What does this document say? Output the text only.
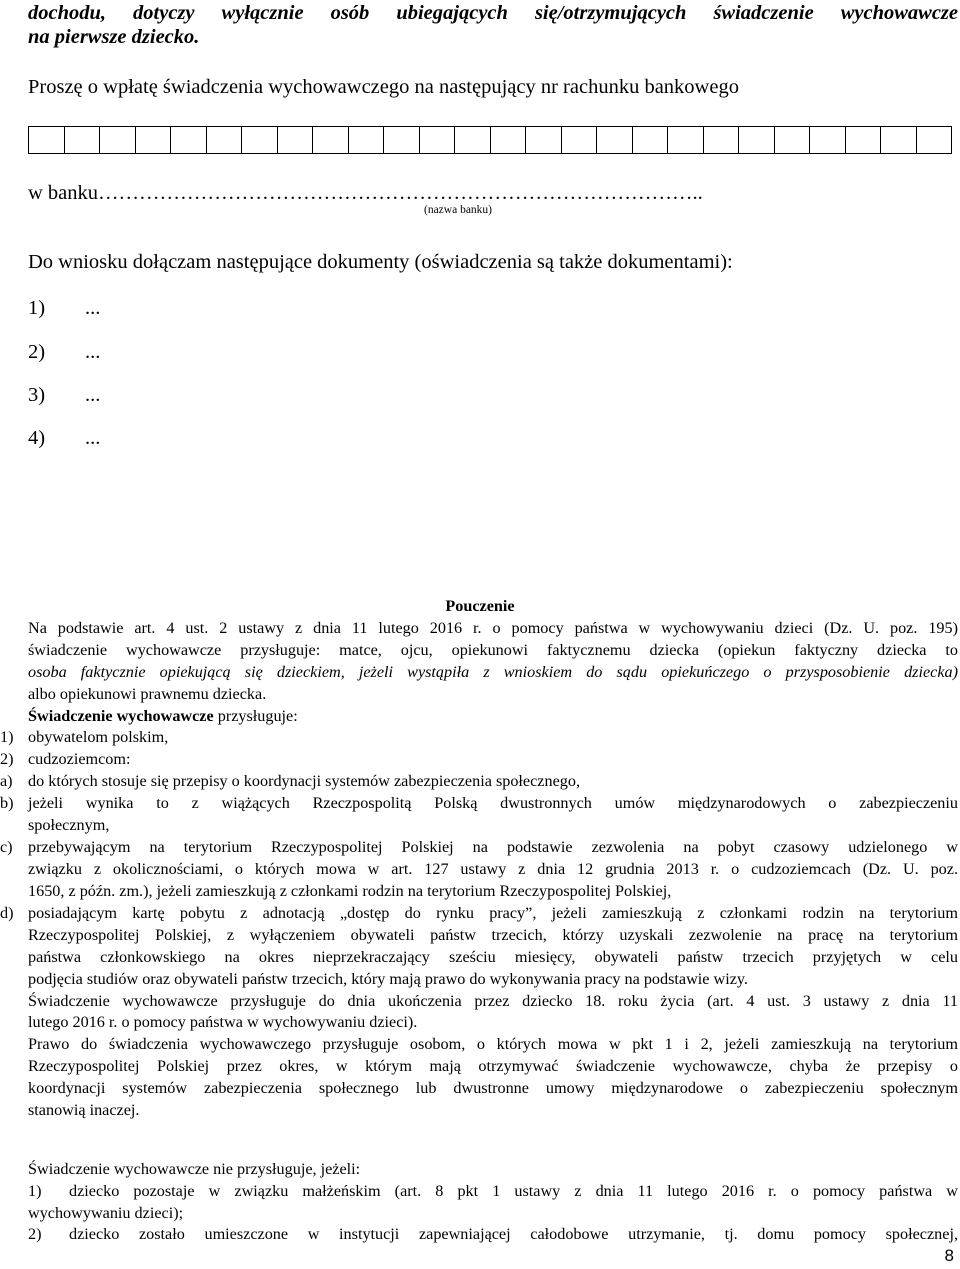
dochodu, dotyczy wyłącznie osób ubiegających się/otrzymujących świadczenie wychowawcze
na pierwsze dziecko.
Proszę o wpłatę świadczenia wychowawczego na następujący nr rachunku bankowego
w banku……………………………………………………………………………..
(nazwa banku)
Do wniosku dołączam następujące dokumenty (oświadczenia są także dokumentami):
1) ...
2) ...
3) ...
4) ...
Pouczenie
Na podstawie art. 4 ust. 2 ustawy z dnia 11 lutego 2016 r. o pomocy państwa w wychowywaniu dzieci (Dz. U. poz. 195)
świadczenie wychowawcze przysługuje: matce, ojcu, opiekunowi faktycznemu dziecka (opiekun faktyczny dziecka to
osoba faktycznie opiekującą się dzieckiem, jeżeli wystąpiła z wnioskiem do sądu opiekuńczego o przysposobienie dziecka)
albo opiekunowi prawnemu dziecka.
Świadczenie wychowawcze przysługuje:
1) obywatelom polskim,
2) cudzoziemcom:
a) do których stosuje się przepisy o koordynacji systemów zabezpieczenia społecznego,
b) jeżeli wynika to z wiążących Rzeczpospolitą Polską dwustronnych umów międzynarodowych o zabezpieczeniu
społecznym,
c) przebywającym na terytorium Rzeczypospolitej Polskiej na podstawie zezwolenia na pobyt czasowy udzielonego w
związku z okolicznościami, o których mowa w art. 127 ustawy z dnia 12 grudnia 2013 r. o cudzoziemcach (Dz. U. poz.
1650, z późn. zm.), jeżeli zamieszkują z członkami rodzin na terytorium Rzeczypospolitej Polskiej,
d) posiadającym kartę pobytu z adnotacją „dostęp do rynku pracy”, jeżeli zamieszkują z członkami rodzin na terytorium
Rzeczypospolitej Polskiej, z wyłączeniem obywateli państw trzecich, którzy uzyskali zezwolenie na pracę na terytorium
państwa członkowskiego na okres nieprzekraczający sześciu miesięcy, obywateli państw trzecich przyjętych w celu
podjęcia studiów oraz obywateli państw trzecich, który mają prawo do wykonywania pracy na podstawie wizy.
Świadczenie wychowawcze przysługuje do dnia ukończenia przez dziecko 18. roku życia (art. 4 ust. 3 ustawy z dnia 11
lutego 2016 r. o pomocy państwa w wychowywaniu dzieci).
Prawo do świadczenia wychowawczego przysługuje osobom, o których mowa w pkt 1 i 2, jeżeli zamieszkują na terytorium
Rzeczypospolitej Polskiej przez okres, w którym mają otrzymywać świadczenie wychowawcze, chyba że przepisy o
koordynacji systemów zabezpieczenia społecznego lub dwustronne umowy międzynarodowe o zabezpieczeniu społecznym
stanowią inaczej.
Świadczenie wychowawcze nie przysługuje, jeżeli:
1) dziecko pozostaje w związku małżeńskim (art. 8 pkt 1 ustawy z dnia 11 lutego 2016 r. o pomocy państwa w
wychowywaniu dzieci);
2) dziecko zostało umieszczone w instytucji zapewniającej całodobowe utrzymanie, tj. domu pomocy społecznej,
8
